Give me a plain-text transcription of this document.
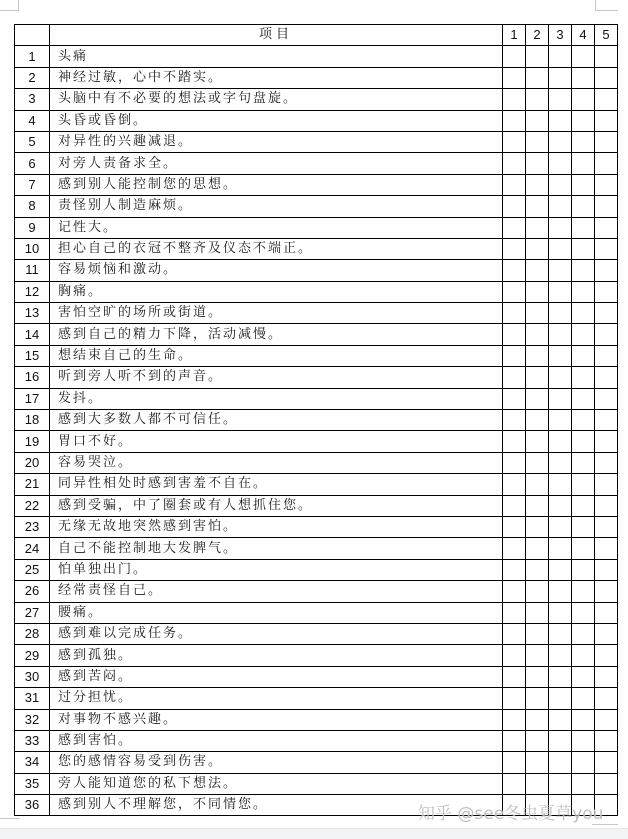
	项目	1	2	3	4	5
1	头痛					
2	神经过敏，心中不踏实。					
3	头脑中有不必要的想法或字句盘旋。					
4	头昏或昏倒。					
5	对异性的兴趣减退。					
6	对旁人责备求全。					
7	感到别人能控制您的思想。					
8	责怪别人制造麻烦。					
9	记性大。					
10	担心自己的衣冠不整齐及仪态不端正。					
11	容易烦恼和激动。					
12	胸痛。					
13	害怕空旷的场所或街道。					
14	感到自己的精力下降，活动减慢。					
15	想结束自己的生命。					
16	听到旁人听不到的声音。					
17	发抖。					
18	感到大多数人都不可信任。					
19	胃口不好。					
20	容易哭泣。					
21	同异性相处时感到害羞不自在。					
22	感到受骗，中了圈套或有人想抓住您。					
23	无缘无故地突然感到害怕。					
24	自己不能控制地大发脾气。					
25	怕单独出门。					
26	经常责怪自己。					
27	腰痛。					
28	感到难以完成任务。					
29	感到孤独。					
30	感到苦闷。					
31	过分担忧。					
32	对事物不感兴趣。					
33	感到害怕。					
34	您的感情容易受到伤害。					
35	旁人能知道您的私下想法。					
36	感到别人不理解您，不同情您。						知乎 @see冬虫夏草you
